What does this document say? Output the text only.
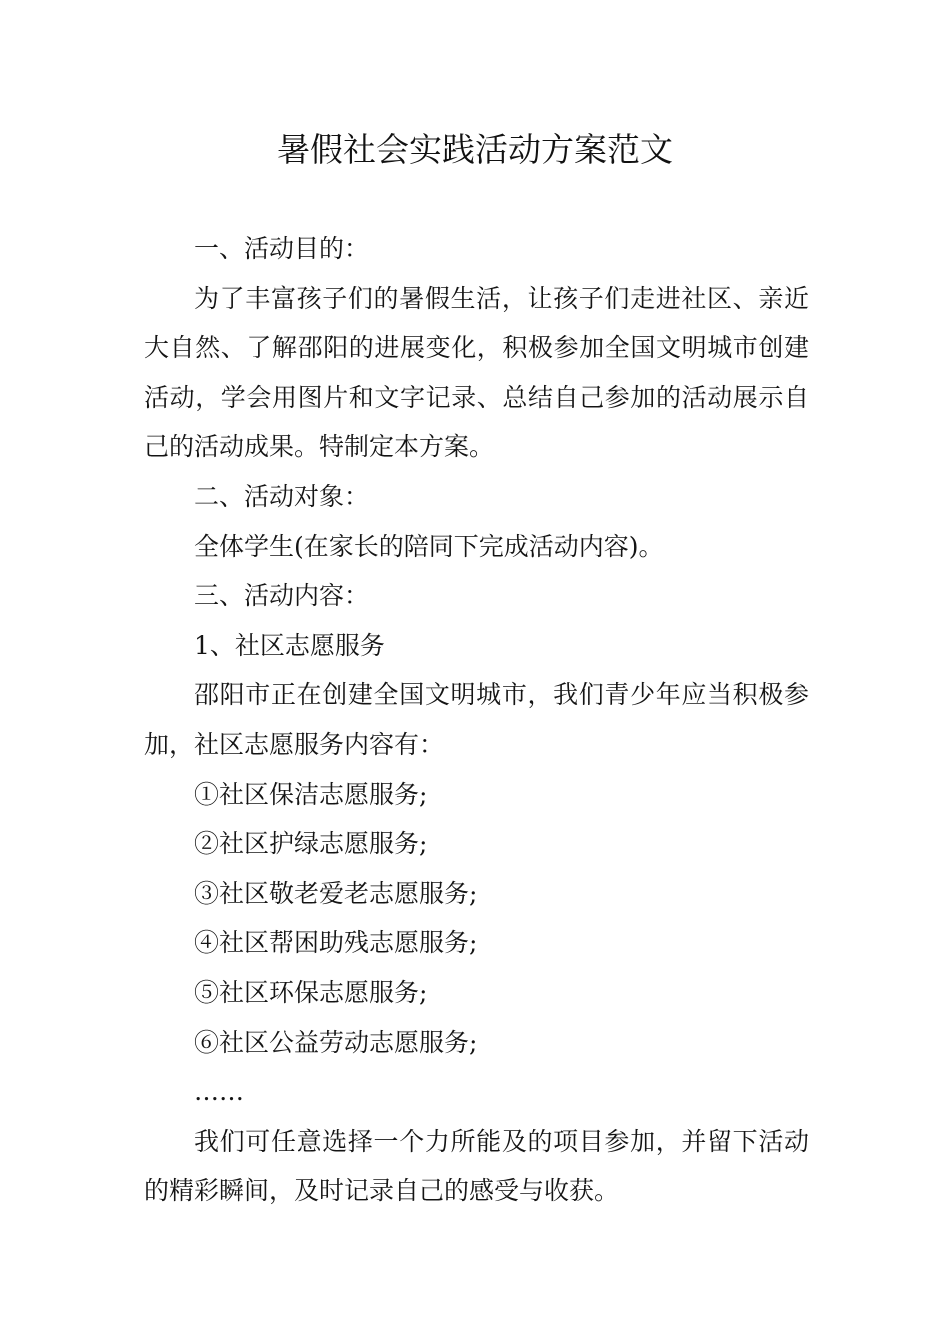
暑假社会实践活动方案范文

一、活动目的：

为了丰富孩子们的暑假生活，让孩子们走进社区、亲近大自然、了解邵阳的进展变化，积极参加全国文明城市创建活动，学会用图片和文字记录、总结自己参加的活动展示自己的活动成果。特制定本方案。

二、活动对象：

全体学生(在家长的陪同下完成活动内容)。

三、活动内容：

1、社区志愿服务

邵阳市正在创建全国文明城市，我们青少年应当积极参加，社区志愿服务内容有：

①社区保洁志愿服务;

②社区护绿志愿服务;

③社区敬老爱老志愿服务;

④社区帮困助残志愿服务;

⑤社区环保志愿服务;

⑥社区公益劳动志愿服务;

……

我们可任意选择一个力所能及的项目参加，并留下活动的精彩瞬间，及时记录自己的感受与收获。
